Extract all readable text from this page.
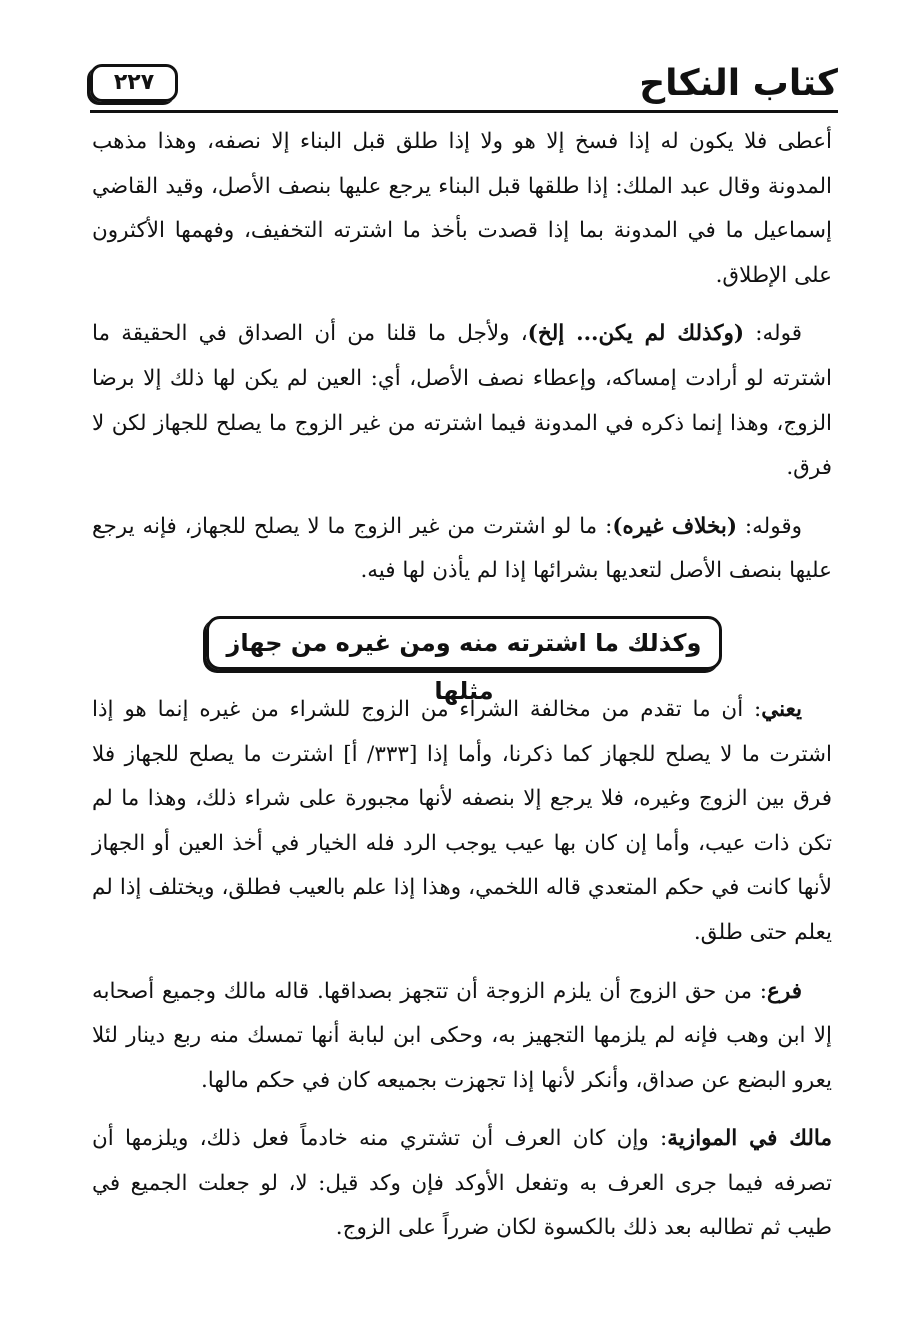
كتاب النكاح
٢٢٧

أعطى فلا يكون له إذا فسخ إلا هو ولا إذا طلق قبل البناء إلا نصفه، وهذا مذهب المدونة وقال عبد الملك: إذا طلقها قبل البناء يرجع عليها بنصف الأصل، وقيد القاضي إسماعيل ما في المدونة بما إذا قصدت بأخذ ما اشترته التخفيف، وفهمها الأكثرون على الإطلاق.

قوله: (وكذلك لم يكن... إلخ)، ولأجل ما قلنا من أن الصداق في الحقيقة ما اشترته لو أرادت إمساكه، وإعطاء نصف الأصل، أي: العين لم يكن لها ذلك إلا برضا الزوج، وهذا إنما ذكره في المدونة فيما اشترته من غير الزوج ما يصلح للجهاز لكن لا فرق.

وقوله: (بخلاف غيره): ما لو اشترت من غير الزوج ما لا يصلح للجهاز، فإنه يرجع عليها بنصف الأصل لتعديها بشرائها إذا لم يأذن لها فيه.

وكذلك ما اشترته منه ومن غيره من جهاز مثلها

يعني: أن ما تقدم من مخالفة الشراء من الزوج للشراء من غيره إنما هو إذا اشترت ما لا يصلح للجهاز كما ذكرنا، وأما إذا [٣٣٣/ أ] اشترت ما يصلح للجهاز فلا فرق بين الزوج وغيره، فلا يرجع إلا بنصفه لأنها مجبورة على شراء ذلك، وهذا ما لم تكن ذات عيب، وأما إن كان بها عيب يوجب الرد فله الخيار في أخذ العين أو الجهاز لأنها كانت في حكم المتعدي قاله اللخمي، وهذا إذا علم بالعيب فطلق، ويختلف إذا لم يعلم حتى طلق.

فرع: من حق الزوج أن يلزم الزوجة أن تتجهز بصداقها. قاله مالك وجميع أصحابه إلا ابن وهب فإنه لم يلزمها التجهيز به، وحكى ابن لبابة أنها تمسك منه ربع دينار لئلا يعرو البضع عن صداق، وأنكر لأنها إذا تجهزت بجميعه كان في حكم مالها.

مالك في الموازية: وإن كان العرف أن تشتري منه خادماً فعل ذلك، ويلزمها أن تصرفه فيما جرى العرف به وتفعل الأوكد فإن وكد قيل: لا، لو جعلت الجميع في طيب ثم تطالبه بعد ذلك بالكسوة لكان ضرراً على الزوج.
